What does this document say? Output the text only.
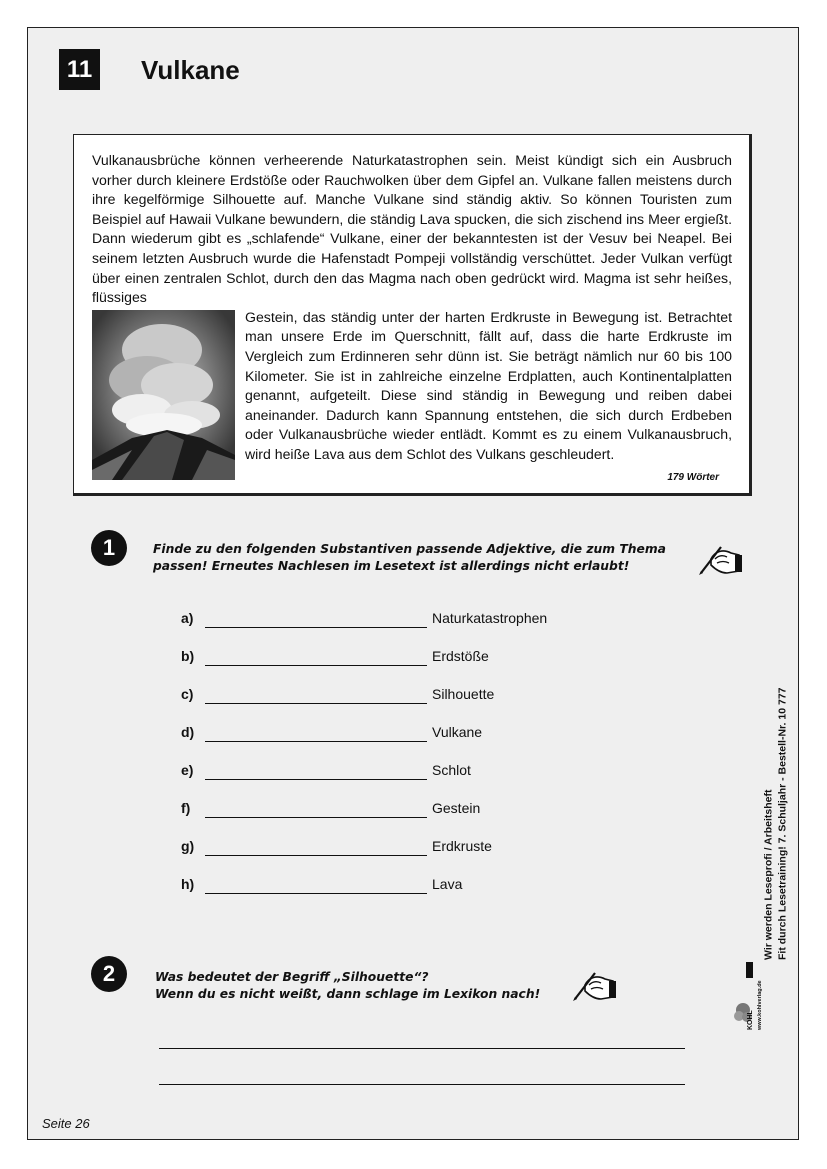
11	Vulkane
Vulkanausbrüche können verheerende Naturkatastrophen sein. Meist kündigt sich ein Ausbruch vorher durch kleinere Erdstöße oder Rauchwolken über dem Gipfel an. Vulkane fallen meistens durch ihre kegelförmige Silhouette auf. Manche Vulkane sind ständig aktiv. So können Touristen zum Beispiel auf Hawaii Vulkane bewundern, die ständig Lava spucken, die sich zischend ins Meer ergießt. Dann wiederum gibt es „schlafende“ Vulkane, einer der bekanntesten ist der Vesuv bei Neapel. Bei seinem letzten Ausbruch wurde die Hafenstadt Pompeji vollständig verschüttet. Jeder Vulkan verfügt über einen zentralen Schlot, durch den das Magma nach oben gedrückt wird. Magma ist sehr heißes, flüssiges
Gestein, das ständig unter der harten Erdkruste in Bewegung ist. Betrachtet man unsere Erde im Querschnitt, fällt auf, dass die harte Erdkruste im Vergleich zum Erdinneren sehr dünn ist. Sie beträgt nämlich nur 60 bis 100 Kilometer. Sie ist in zahlreiche einzelne Erdplatten, auch Kontinentalplatten genannt, aufgeteilt. Diese sind ständig in Bewegung und reiben dabei aneinander. Dadurch kann Spannung entstehen, die sich durch Erdbeben oder Vulkanausbrüche wieder entlädt. Kommt es zu einem Vulkanausbruch, wird heiße Lava aus dem Schlot des Vulkans geschleudert.
179 Wörter
1	Finde zu den folgenden Substantiven passende Adjektive, die zum Thema
passen! Erneutes Nachlesen im Lesetext ist allerdings nicht erlaubt!
a)	Naturkatastrophen
b)	Erdstöße
c)	Silhouette
d)	Vulkane
e)	Schlot
f)	Gestein
g)	Erdkruste
h)	Lava
2	Was bedeutet der Begriff „Silhouette“?
Wenn du es nicht weißt, dann schlage im Lexikon nach!
Wir werden Leseprofi / Arbeitsheft Fit durch Lesetraining! 7. Schuljahr - Bestell-Nr. 10 777
KOHL www.kohlverlag.de
Seite 26
